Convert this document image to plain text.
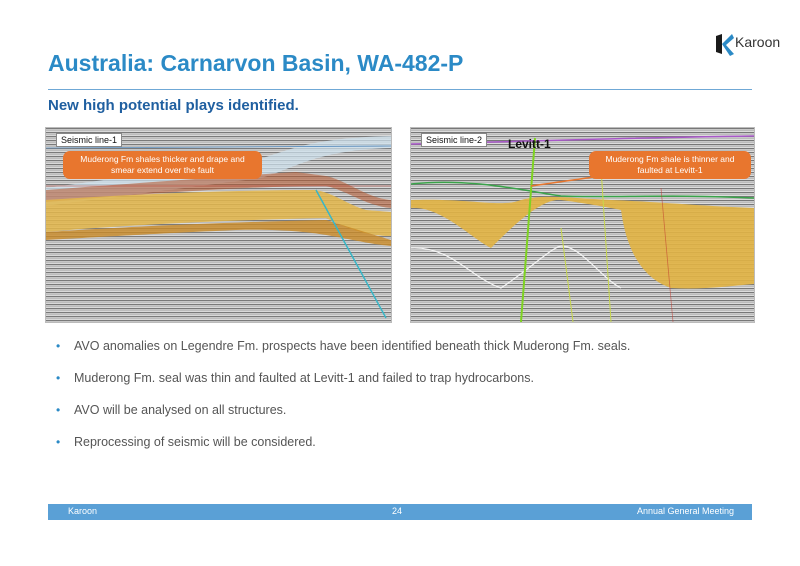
Australia: Carnarvon Basin, WA-482-P
Karoon
New high potential plays identified.
Seismic line-1
Muderong Fm shales thicker and drape and smear extend over the fault
Seismic line-2	Levitt-1
Muderong Fm shale is thinner and faulted at Levitt-1
• AVO anomalies on Legendre Fm. prospects have been identified beneath thick Muderong Fm. seals.
• Muderong Fm. seal was thin and faulted at Levitt-1 and failed to trap hydrocarbons.
• AVO will be analysed on all structures.
• Reprocessing of seismic will be considered.
Karoon	24	Annual General Meeting
